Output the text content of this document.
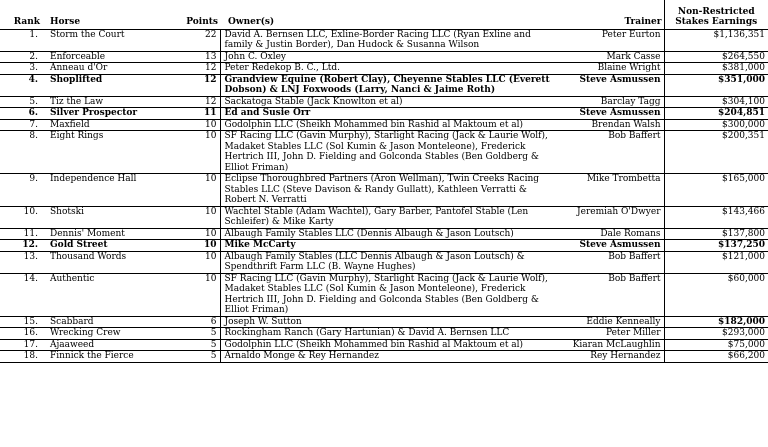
Rank	Horse	Points	Owner(s)	Trainer	Non-Restricted
Stakes Earnings
1.	Storm the Court	22	David A. Bernsen LLC, Exline-Border Racing LLC (Ryan Exline and family & Justin Border), Dan Hudock & Susanna Wilson	Peter Eurton	$1,136,351
2.	Enforceable	13	John C. Oxley	Mark Casse	$264,550
3.	Anneau d'Or	12	Peter Redekop B. C., Ltd.	Blaine Wright	$381,000
4.	Shoplifted	12	Grandview Equine (Robert Clay), Cheyenne Stables LLC (Everett Dobson) & LNJ Foxwoods (Larry, Nanci & Jaime Roth)	Steve Asmussen	$351,000
5.	Tiz the Law	12	Sackatoga Stable (Jack Knowlton et al)	Barclay Tagg	$304,100
6.	Silver Prospector	11	Ed and Susie Orr	Steve Asmussen	$204,851
7.	Maxfield	10	Godolphin LLC (Sheikh Mohammed bin Rashid al Maktoum et al)	Brendan Walsh	$300,000
8.	Eight Rings	10	SF Racing LLC (Gavin Murphy), Starlight Racing (Jack & Laurie Wolf), Madaket Stables LLC (Sol Kumin & Jason Monteleone), Frederick Hertrich III, John D. Fielding and Golconda Stables (Ben Goldberg & Elliot Friman)	Bob Baffert	$200,351
9.	Independence Hall	10	Eclipse Thoroughbred Partners (Aron Wellman), Twin Creeks Racing Stables LLC (Steve Davison & Randy Gullatt), Kathleen Verratti & Robert N. Verratti	Mike Trombetta	$165,000
10.	Shotski	10	Wachtel Stable (Adam Wachtel), Gary Barber, Pantofel Stable (Len Schleifer) & Mike Karty	Jeremiah O'Dwyer	$143,466
11.	Dennis' Moment	10	Albaugh Family Stables LLC (Dennis Albaugh & Jason Loutsch)	Dale Romans	$137,800
12.	Gold Street	10	Mike McCarty	Steve Asmussen	$137,250
13.	Thousand Words	10	Albaugh Family Stables (LLC Dennis Albaugh & Jason Loutsch) & Spendthrift Farm LLC (B. Wayne Hughes)	Bob Baffert	$121,000
14.	Authentic	10	SF Racing LLC (Gavin Murphy), Starlight Racing (Jack & Laurie Wolf), Madaket Stables LLC (Sol Kumin & Jason Monteleone), Frederick Hertrich III, John D. Fielding and Golconda Stables (Ben Goldberg & Elliot Friman)	Bob Baffert	$60,000
15.	Scabbard	6	Joseph W. Sutton	Eddie Kenneally	$182,000
16.	Wrecking Crew	5	Rockingham Ranch (Gary Hartunian) & David A. Bernsen LLC	Peter Miller	$293,000
17.	Ajaaweed	5	Godolphin LLC (Sheikh Mohammed bin Rashid al Maktoum et al)	Kiaran McLaughlin	$75,000
18.	Finnick the Fierce	5	Arnaldo Monge & Rey Hernandez	Rey Hernandez	$66,200
